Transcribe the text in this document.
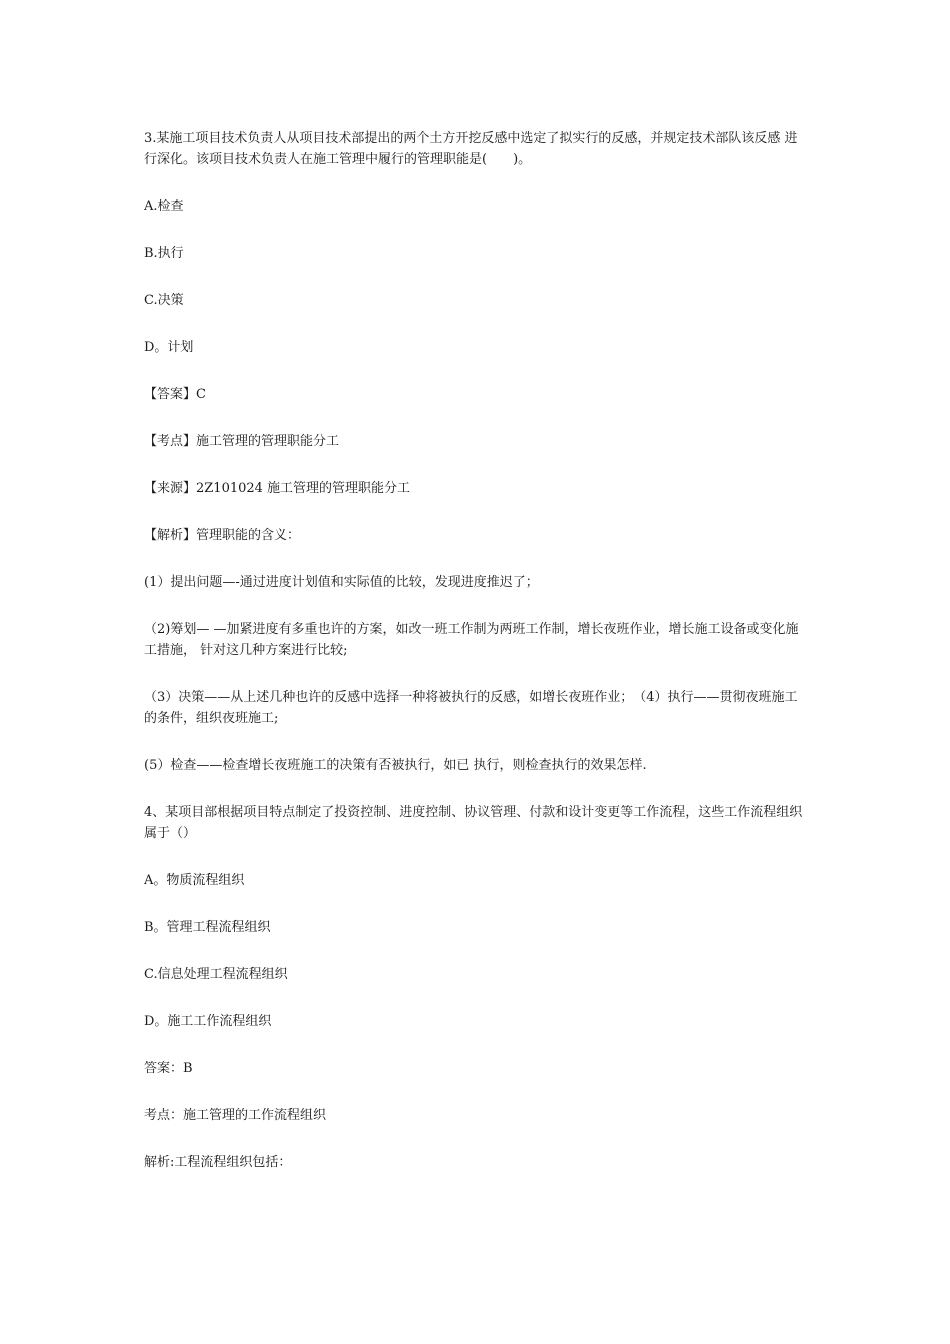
3.某施工项目技术负责人从项目技术部提出的两个土方开挖反感中选定了拟实行的反感，并规定技术部队该反感 进行深化。该项目技术负责人在施工管理中履行的管理职能是(　　)。

A.检查

B.执行

C.决策

D。计划

【答案】C

【考点】施工管理的管理职能分工

【来源】2Z101024 施工管理的管理职能分工

【解析】管理职能的含义：

(1）提出问题—-通过进度计划值和实际值的比较，发现进度推迟了；

（2)筹划— —加紧进度有多重也许的方案，如改一班工作制为两班工作制，增长夜班作业，增长施工设备或变化施工措施， 针对这几种方案进行比较;

（3）决策——从上述几种也许的反感中选择一种将被执行的反感，如增长夜班作业；　（4）执行——贯彻夜班施工的条件，组织夜班施工;

(5）检查——检查增长夜班施工的决策有否被执行，如已 执行，则检查执行的效果怎样.

4、某项目部根据项目特点制定了投资控制、进度控制、协议管理、付款和设计变更等工作流程，这些工作流程组织属于（）

A。物质流程组织

B。管理工程流程组织

C.信息处理工程流程组织

D。施工工作流程组织

答案：B

考点：施工管理的工作流程组织

解析:工程流程组织包括：
